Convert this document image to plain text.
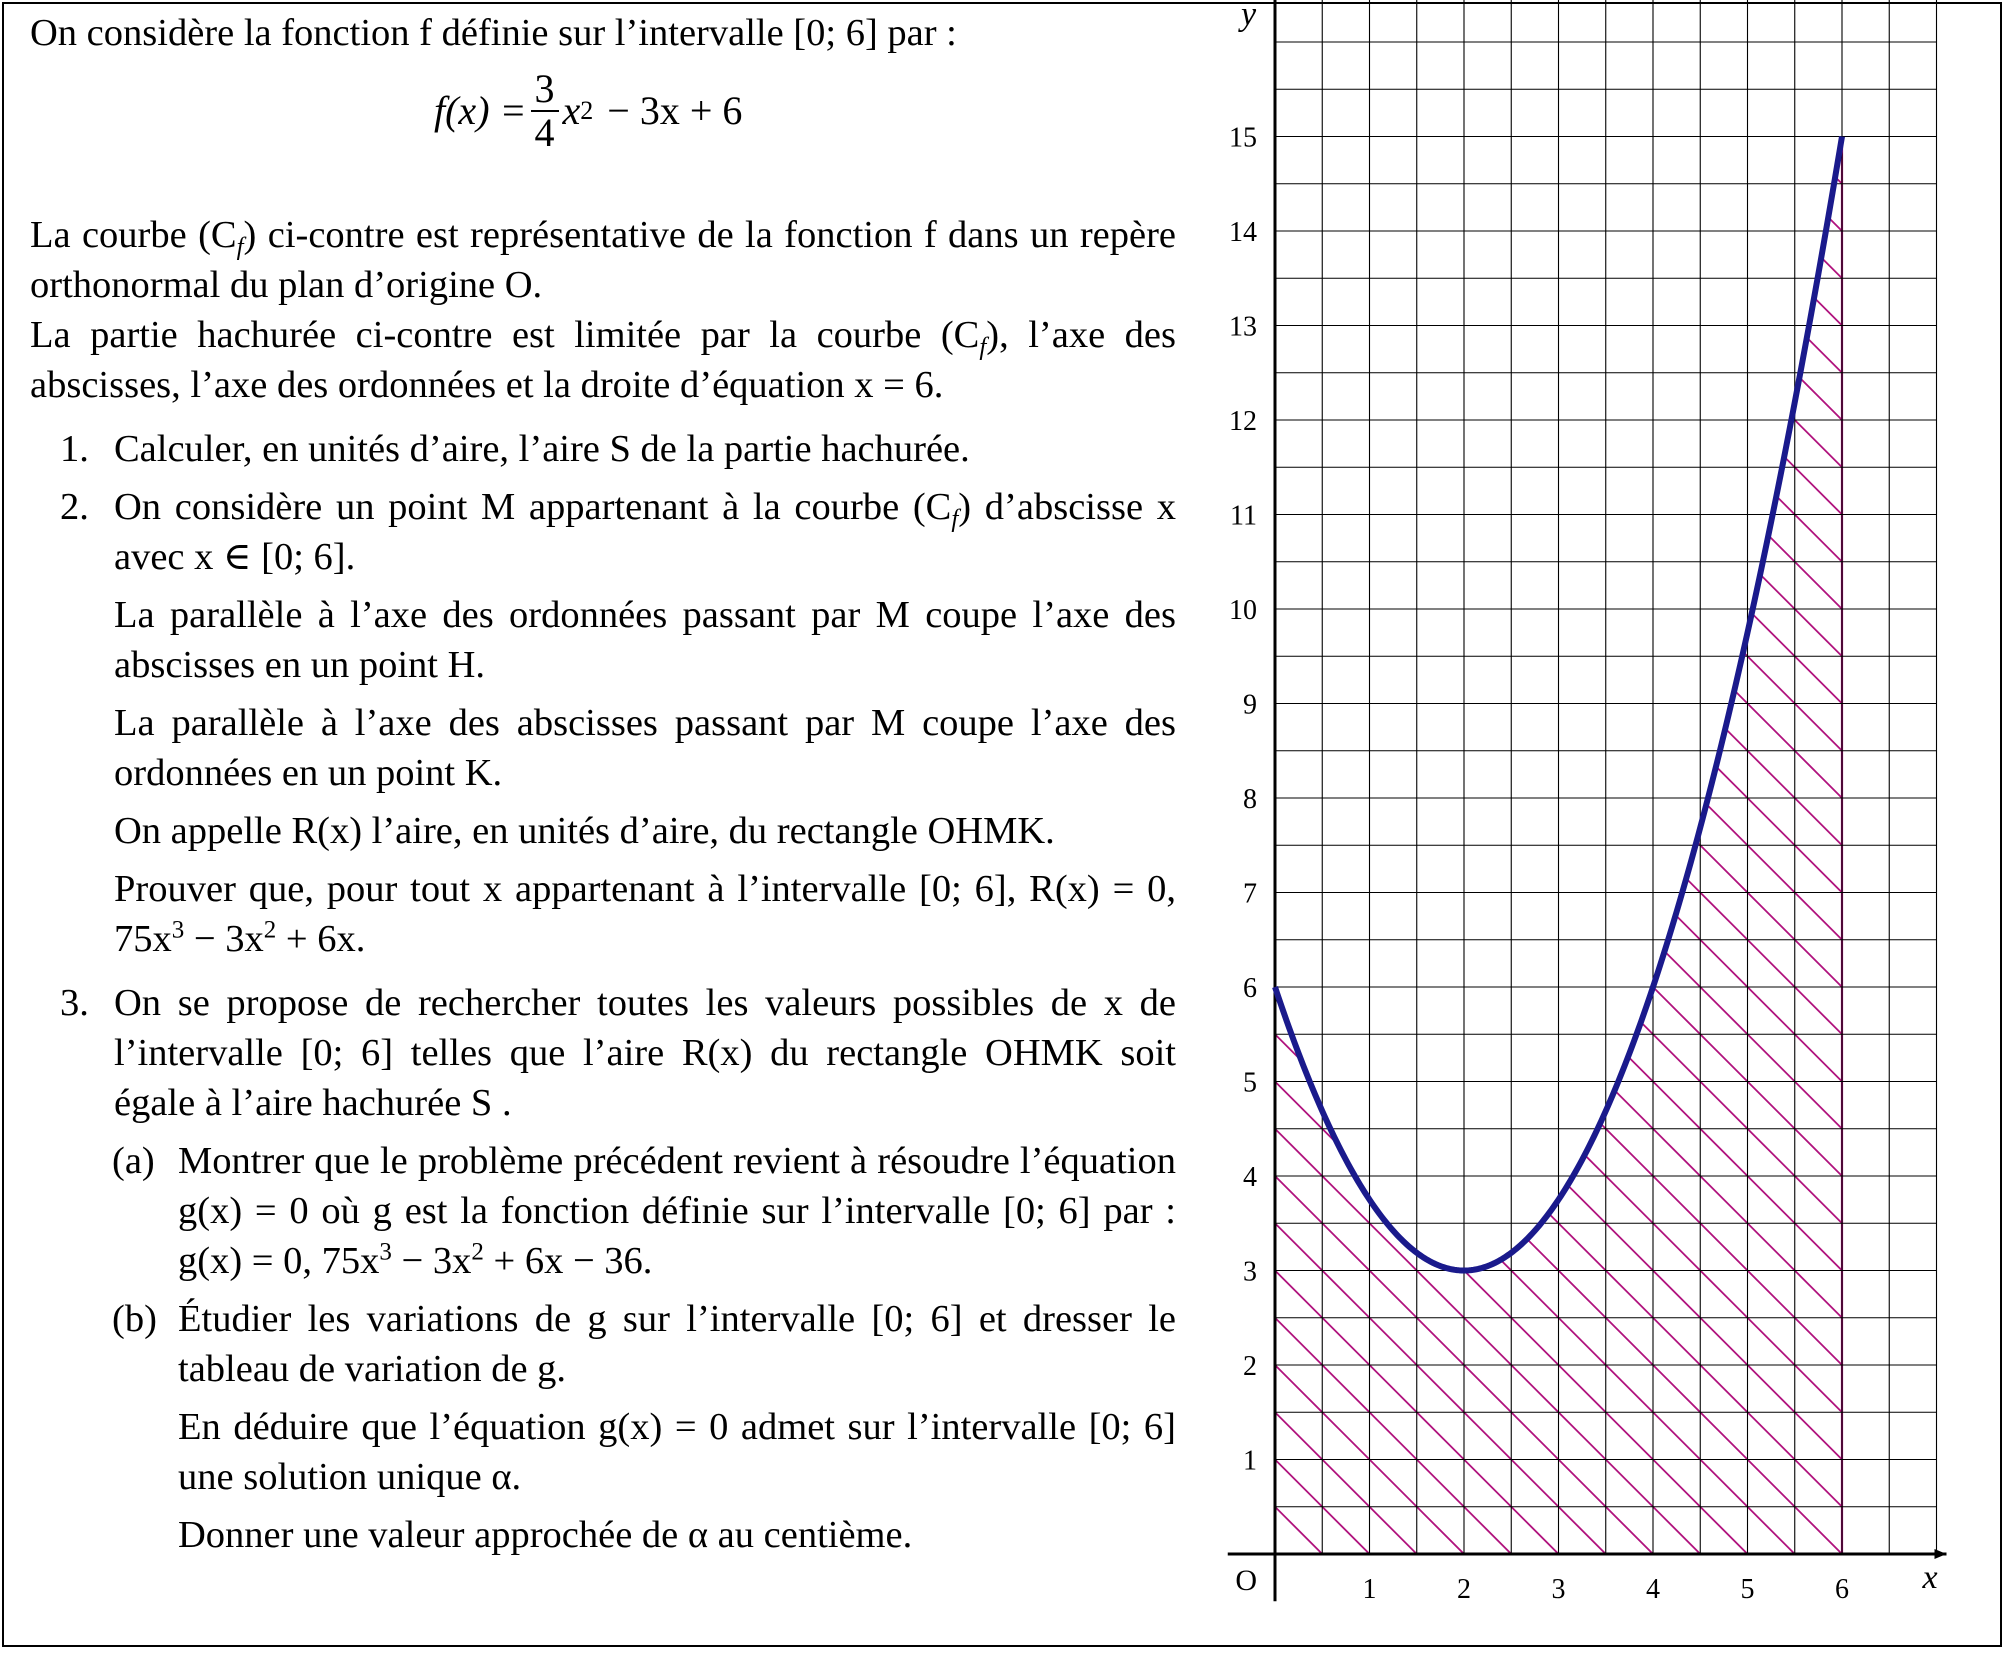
On considère la fonction f définie sur l’intervalle [0; 6] par :

$f(x) = \frac{3}{4}$ x 2 − 3x + 6

La courbe $(C_f)$ ci-contre est représentative de la fonction f dans un repère orthonormal du plan d’origine O.

La partie hachurée ci-contre est limitée par la courbe $(C_f)$, l’axe des abscisses, l’axe des ordonnées et la droite d’équation x = 6.

1. Calculer, en unités d’aire, l’aire S de la partie hachurée.

2. On considère un point M appartenant à la courbe $(C_f)$ d’abscisse x avec x ∈ [0; 6].

La parallèle à l’axe des ordonnées passant par M coupe l’axe des abscisses en un point H.

La parallèle à l’axe des abscisses passant par M coupe l’axe des ordonnées en un point K.

On appelle R(x) l’aire, en unités d’aire, du rectangle OHMK.

Prouver que, pour tout x appartenant à l’intervalle [0; 6], R(x) = 0, $75x^3 - 3x^2 + 6x$.

3. On se propose de rechercher toutes les valeurs possibles de x de l’intervalle [0; 6] telles que l’aire R(x) du rectangle OHMK soit égale à l’aire hachurée S .

(a) Montrer que le problème précédent revient à résoudre l’équation g(x) = 0 où g est la fonction définie sur l’intervalle [0; 6] par : g(x) = 0, $75x^3 - 3x^2 + 6x - 36$.

(b) Étudier les variations de g sur l’intervalle [0; 6] et dresser le tableau de variation de g.

En déduire que l’équation g(x) = 0 admet sur l’intervalle [0; 6] une solution unique α.

Donner une valeur approchée de α au centième.

1	2	3	4	5	6
1
2
3
4
5
6
7
8
9
10
11
12
13
14
15
O	x
y
